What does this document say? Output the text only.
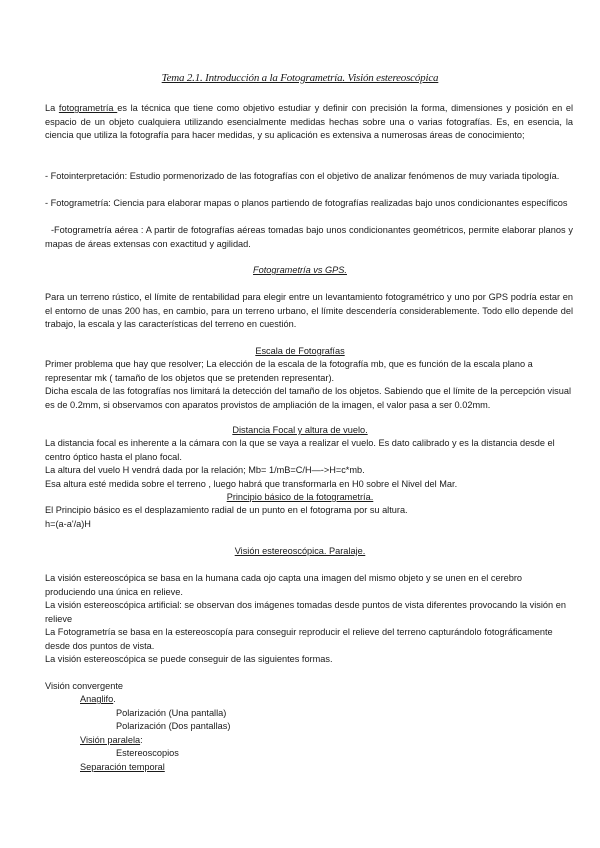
Tema 2.1. Introducción a la Fotogrametría. Visión estereoscópica

La fotogrametría es la técnica que tiene como objetivo estudiar y definir con precisión la forma, dimensiones y posición en el espacio de un objeto cualquiera utilizando esencialmente medidas hechas sobre una o varias fotografías. Es, en esencia, la ciencia que utiliza la fotografía para hacer medidas, y su aplicación es extensiva a numerosas áreas de conocimiento;

- Fotointerpretación: Estudio pormenorizado de las fotografías con el objetivo de analizar fenómenos de muy variada tipología.

- Fotogrametría: Ciencia para elaborar mapas o planos partiendo de fotografías realizadas bajo unos condicionantes específicos

-Fotogrametría aérea : A partir de fotografías aéreas tomadas bajo unos condicionantes geométricos, permite elaborar planos y mapas de áreas extensas con exactitud y agilidad.

Fotogrametría vs GPS.

Para un terreno rústico, el límite de rentabilidad para elegir entre un levantamiento fotogramétrico y uno por GPS podría estar en el entorno de unas 200 has, en cambio, para un terreno urbano, el límite descendería considerablemente. Todo ello depende del trabajo, la escala y las características del terreno en cuestión.

Escala de Fotografías

Primer problema que hay que resolver; La elección de la escala de la fotografía mb, que es función de la escala plano a representar mk ( tamaño de los objetos que se pretenden representar).

Dicha escala de las fotografías nos limitará la detección del tamaño de los objetos. Sabiendo que el límite de la percepción visual es de 0.2mm, si observamos con aparatos provistos de ampliación de la imagen, el valor pasa a ser 0.02mm.

Distancia Focal y altura de vuelo.

La distancia focal es inherente a la cámara con la que se vaya a realizar el vuelo. Es dato calibrado y es la distancia desde el centro óptico hasta el plano focal.

La altura del vuelo H vendrá dada por la relación; Mb= 1/mB=C/H—->H=c*mb.

Esa altura esté medida sobre el terreno , luego habrá que transformarla en H0 sobre el Nivel del Mar.

Principio básico de la fotogrametría.

El Principio básico es el desplazamiento radial de un punto en el fotograma por su altura.

h=(a-a'/a)H

Visión estereoscópica. Paralaje.

La visión estereoscópica se basa en la humana cada ojo capta una imagen del mismo objeto y se unen en el cerebro produciendo una única en relieve.

La visión estereoscópica artificial: se observan dos imágenes tomadas desde puntos de vista diferentes provocando la visión en relieve

La Fotogrametría se basa en la estereoscopía para conseguir reproducir el relieve del terreno capturándolo fotográficamente desde dos puntos de vista.

La visión estereoscópica se puede conseguir de las siguientes formas.

Visión convergente
Anaglifo.
Polarización (Una pantalla)
Polarización (Dos pantallas)
Visión paralela:
Estereoscopios
Separación temporal
